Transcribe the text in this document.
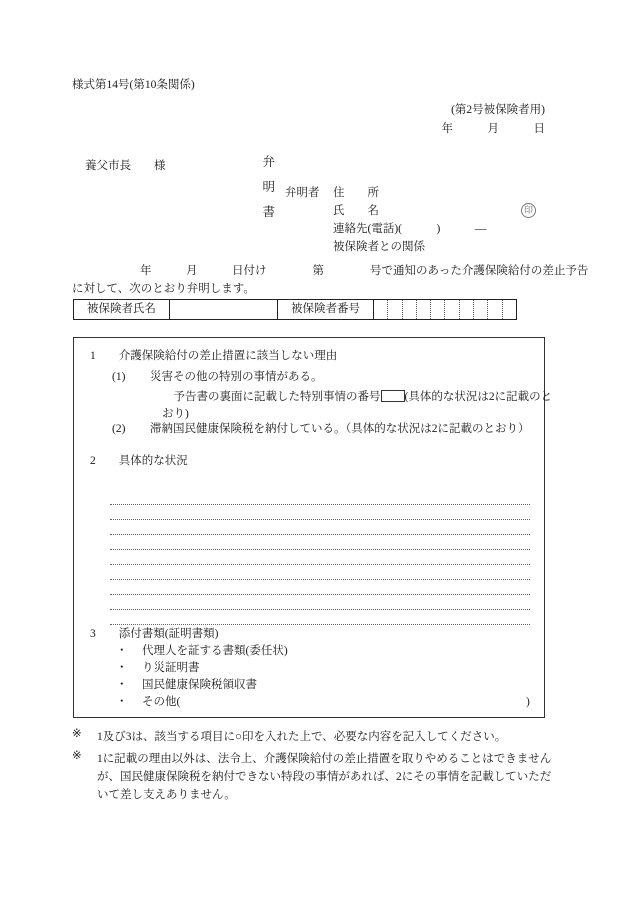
様式第14号(第10条関係)
(第2号被保険者用)
年　　　月　　　日

弁

明

書

養父市長　　様
弁明者 住　　所
氏　　名
連絡先(電話)(　　　)　　　―
被保険者との関係
印
年　　　月　　　日付け　　　　第　　　　号で通知のあった介護保険給付の差止予告
に対して、次のとおり弁明します。
被保険者氏名	被保険者番号
1　　 介護保険給付の差止措置に該当しない理由
(1) 災害その他の特別の事情がある。
　予告書の裏面に記載した特別事情の番号 (具体的な状況は2に記載のとおり)
(2) 滞納国民健康保険税を納付している。（具体的な状況は2に記載のとおり）
2　　 具体的な状況
3　　 添付書類(証明書類)
・ 代理人を証する書類(委任状)
・ り災証明書
・ 国民健康保険税領収書
・ その他(	)
※ 1及び3は、該当する項目に○印を入れた上で、必要な内容を記入してください。
※ 1に記載の理由以外は、法令上、介護保険給付の差止措置を取りやめることはできませんが、国民健康保険税を納付できない特段の事情があれば、2にその事情を記載していただいて差し支えありません。
